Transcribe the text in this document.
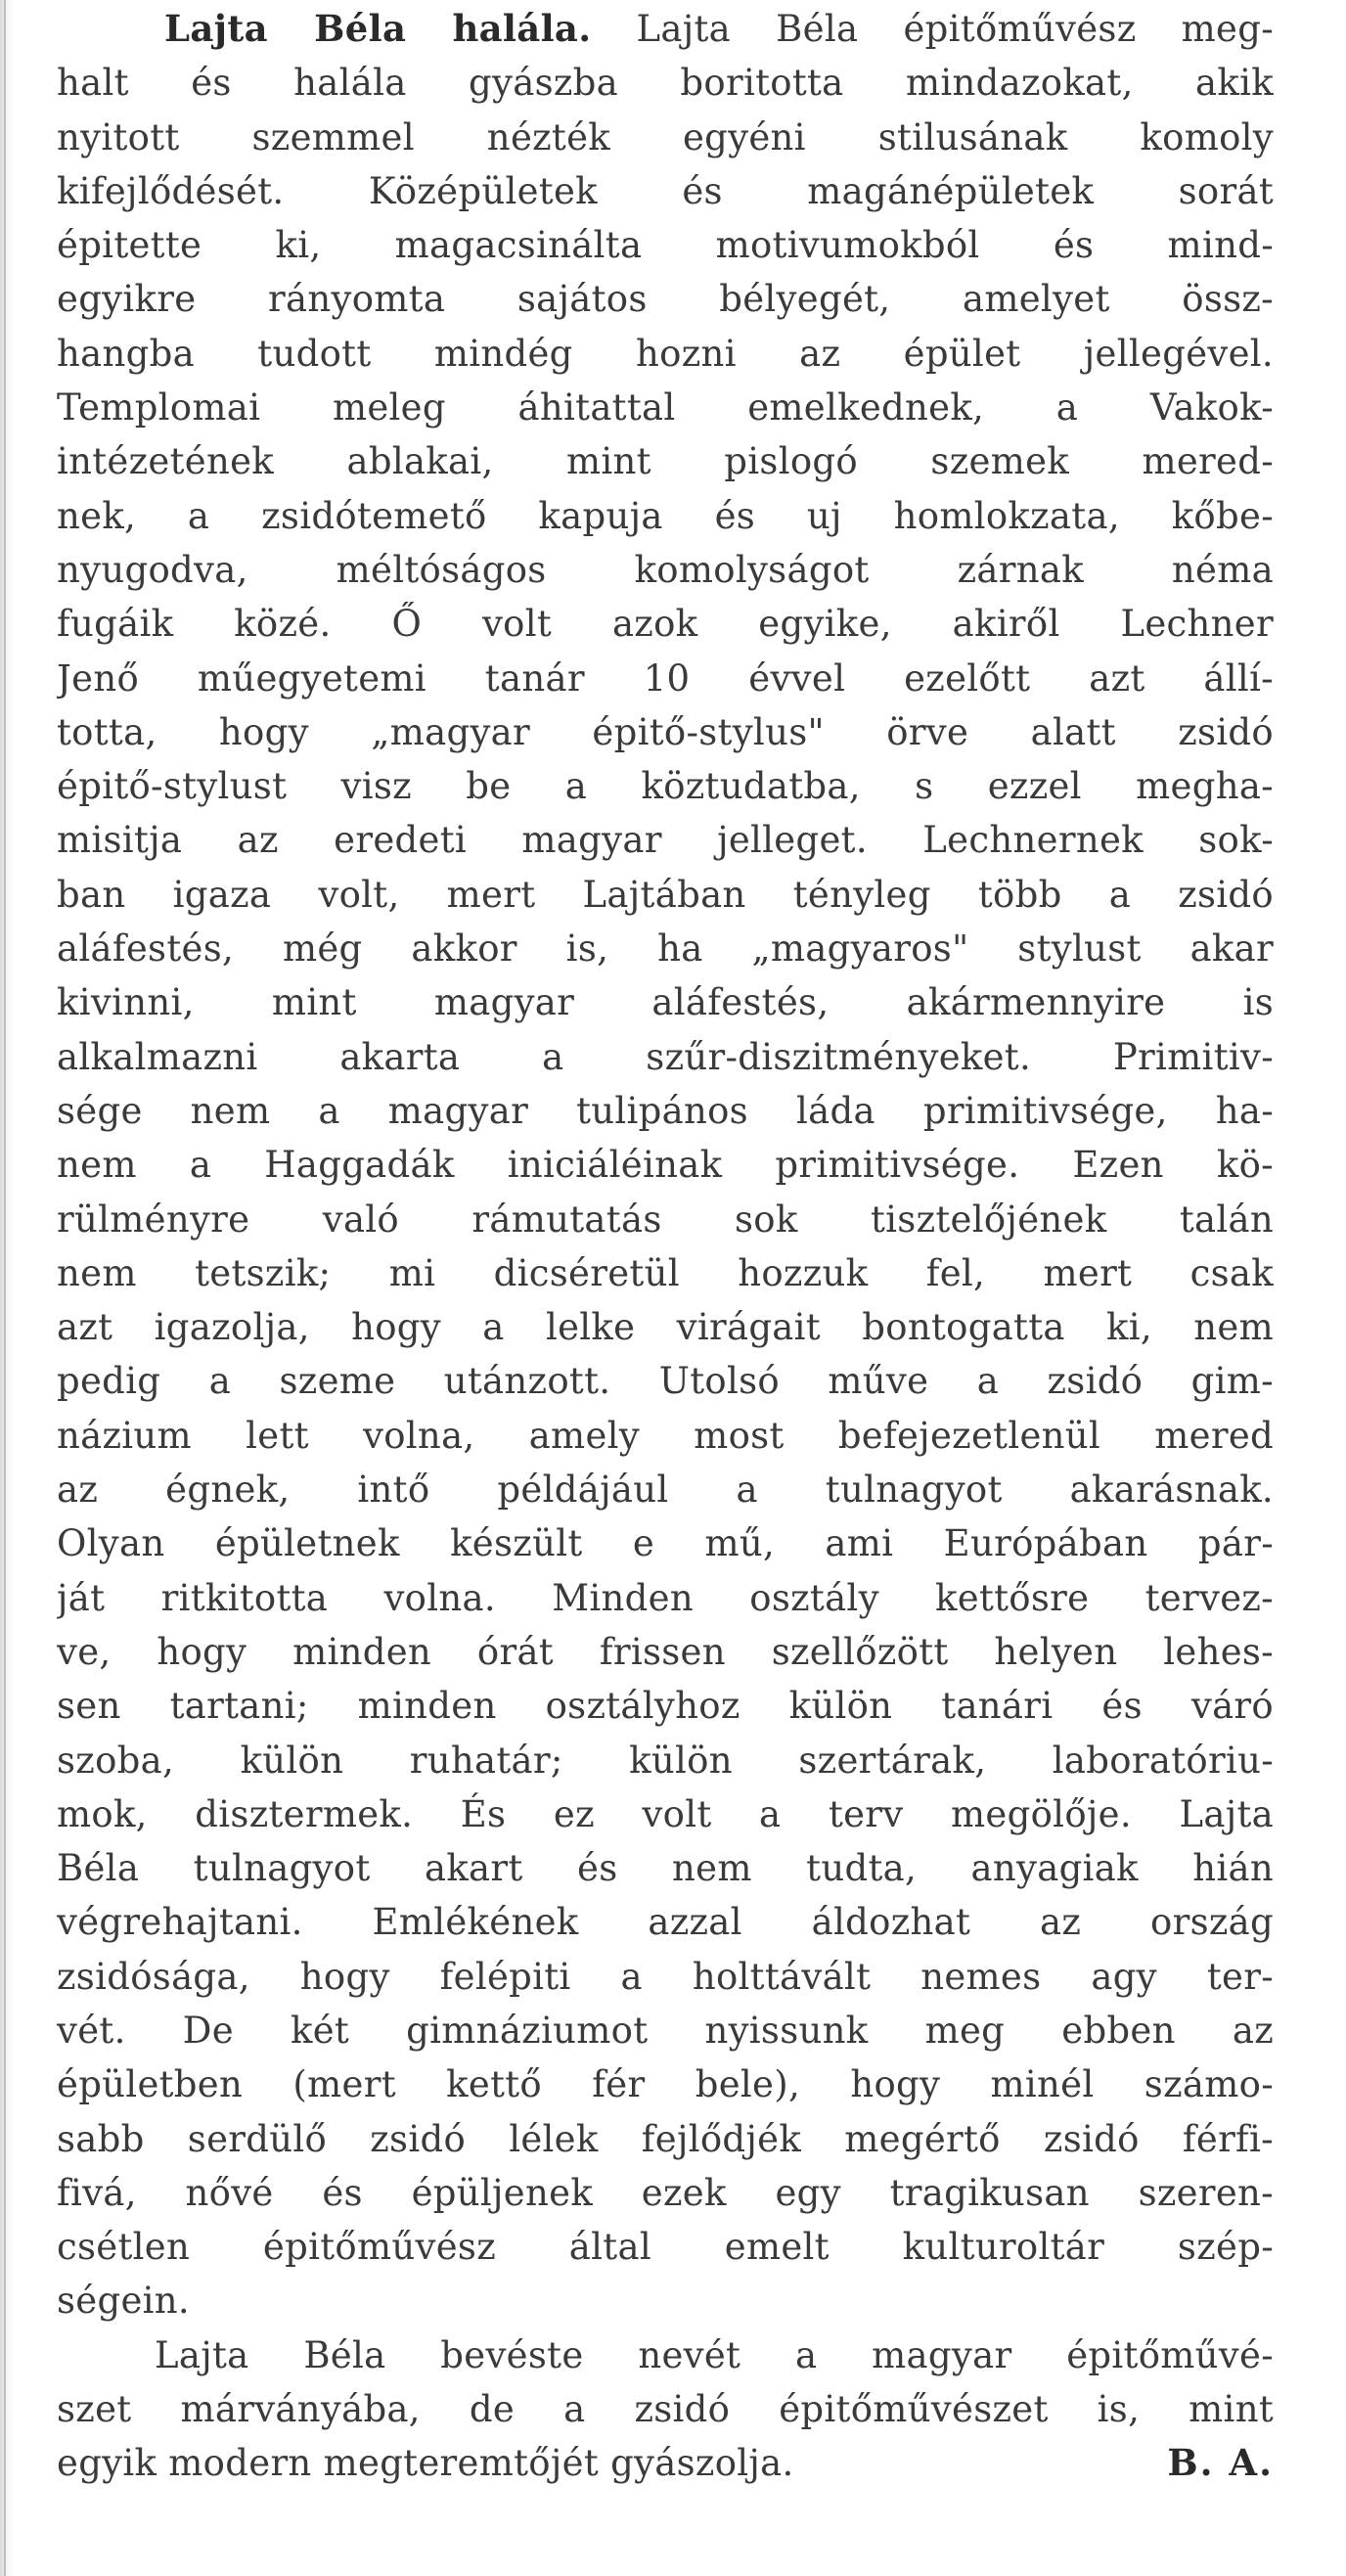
Lajta Béla halála. Lajta Béla épitőművész meg-
halt és halála gyászba boritotta mindazokat, akik
nyitott szemmel nézték egyéni stilusának komoly
kifejlődését. Középületek és magánépületek sorát
épitette ki, magacsinálta motivumokból és mind-
egyikre rányomta sajátos bélyegét, amelyet össz-
hangba tudott mindég hozni az épület jellegével.
Templomai meleg áhitattal emelkednek, a Vakok-
intézetének ablakai, mint pislogó szemek mered-
nek, a zsidótemető kapuja és uj homlokzata, kőbe-
nyugodva, méltóságos komolyságot zárnak néma
fugáik közé. Ő volt azok egyike, akiről Lechner
Jenő műegyetemi tanár 10 évvel ezelőtt azt állí-
totta, hogy „magyar épitő-stylus" örve alatt zsidó
épitő-stylust visz be a köztudatba, s ezzel megha-
misitja az eredeti magyar jelleget. Lechnernek sok-
ban igaza volt, mert Lajtában tényleg több a zsidó
aláfestés, még akkor is, ha „magyaros" stylust akar
kivinni, mint magyar aláfestés, akármennyire is
alkalmazni akarta a szűr-diszitményeket. Primitiv-
sége nem a magyar tulipános láda primitivsége, ha-
nem a Haggadák iniciáléinak primitivsége. Ezen kö-
rülményre való rámutatás sok tisztelőjének talán
nem tetszik; mi dicséretül hozzuk fel, mert csak
azt igazolja, hogy a lelke virágait bontogatta ki, nem
pedig a szeme utánzott. Utolsó műve a zsidó gim-
názium lett volna, amely most befejezetlenül mered
az égnek, intő példájául a tulnagyot akarásnak.
Olyan épületnek készült e mű, ami Európában pár-
ját ritkitotta volna. Minden osztály kettősre tervez-
ve, hogy minden órát frissen szellőzött helyen lehes-
sen tartani; minden osztályhoz külön tanári és váró
szoba, külön ruhatár; külön szertárak, laboratóriu-
mok, disztermek. És ez volt a terv megölője. Lajta
Béla tulnagyot akart és nem tudta, anyagiak hián
végrehajtani. Emlékének azzal áldozhat az ország
zsidósága, hogy felépiti a holttávált nemes agy ter-
vét. De két gimnáziumot nyissunk meg ebben az
épületben (mert kettő fér bele), hogy minél számo-
sabb serdülő zsidó lélek fejlődjék megértő zsidó férfi-
fivá, nővé és épüljenek ezek egy tragikusan szeren-
csétlen épitőművész által emelt kulturoltár szép-
ségein.
Lajta Béla bevéste nevét a magyar épitőművé-
szet márványába, de a zsidó épitőművészet is, mint
egyik modern megteremtőjét gyászolja.	B. A.
